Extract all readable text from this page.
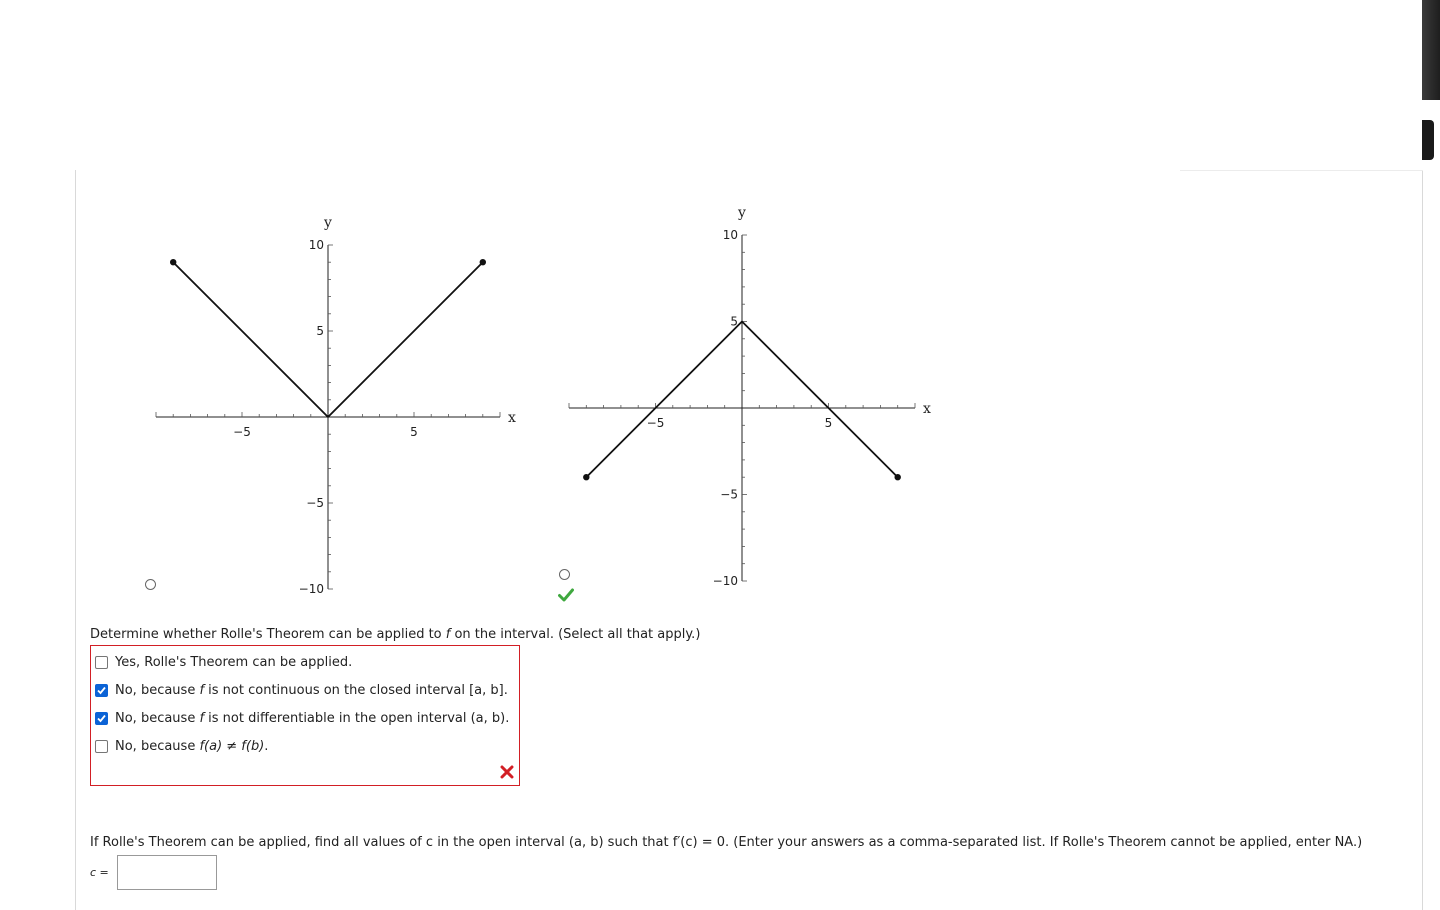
−5	5
10
5
−5
−10
y
x	−5	5
10
5
−5
−10
y
x
Determine whether Rolle's Theorem can be applied to f on the interval. (Select all that apply.)
Yes, Rolle's Theorem can be applied.
No, because f is not continuous on the closed interval [a, b].
No, because f is not differentiable in the open interval (a, b).
No, because f(a) ≠ f(b).
If Rolle's Theorem can be applied, find all values of c in the open interval (a, b) such that f′(c) = 0. (Enter your answers as a comma-separated list. If Rolle's Theorem cannot be applied, enter NA.)
c =
